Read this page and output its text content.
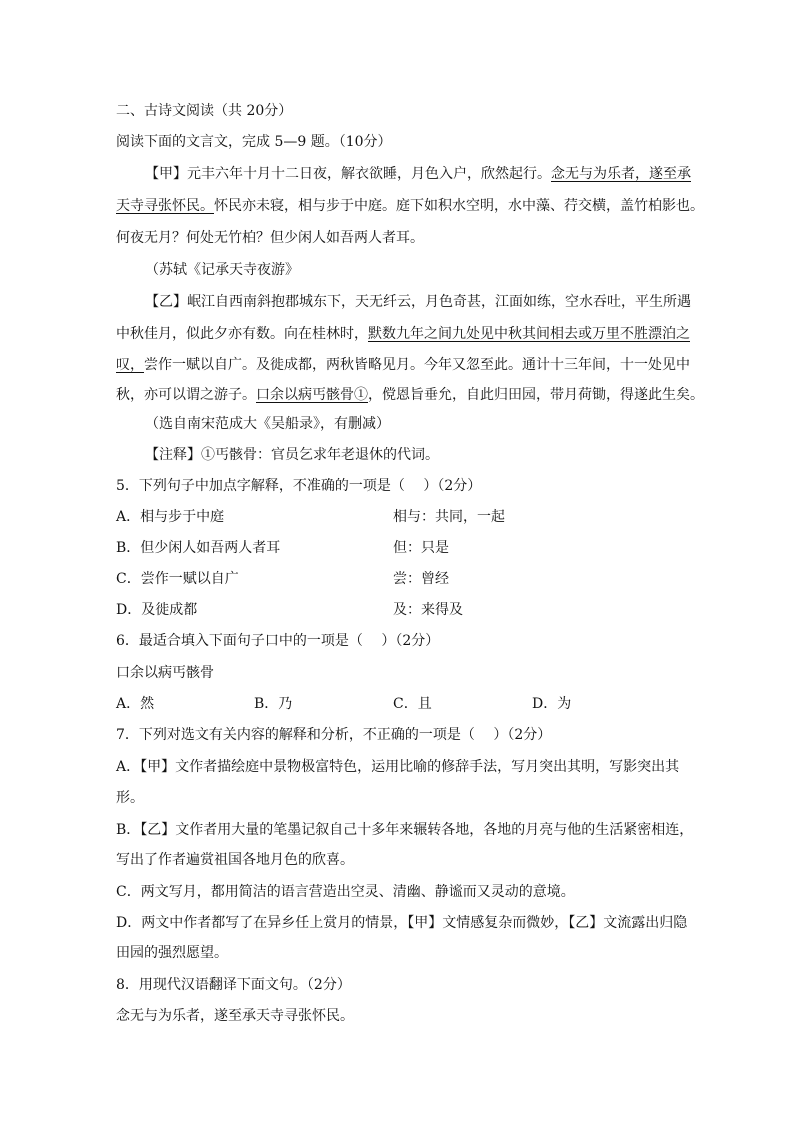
二、古诗文阅读（共 20分）
阅读下面的文言文，完成 5—9 题。（10分）
【甲】元丰六年十月十二日夜，解衣欲睡，月色入户，欣然起行。念无与为乐者，遂至承
天寺寻张怀民。怀民亦未寝，相与步于中庭。庭下如积水空明，水中藻、荇交横，盖竹柏影也。
何夜无月？何处无竹柏？但少闲人如吾两人者耳。
（苏轼《记承天寺夜游》
【乙】岷江自西南斜抱郡城东下，天无纤云，月色奇甚，江面如练，空水吞吐，平生所遇
中秋佳月，似此夕亦有数。向在桂林时，默数九年之间九处见中秋其间相去或万里不胜漂泊之
叹，尝作一赋以自广。及徙成都，两秋皆略见月。今年又忽至此。通计十三年间，十一处见中
秋，亦可以谓之游子。口余以病丐骸骨①，傥恩旨垂允，自此归田园，带月荷锄，得遂此生矣。
（选自南宋范成大《吴船录》，有删减）
【注释】①丐骸骨：官员乞求年老退休的代词。
5．下列句子中加点字解释，不准确的一项是（　 ）（2分）
A．相与步于中庭	相与：共同，一起
B．但少闲人如吾两人者耳	但：只是
C．尝作一赋以自广	尝：曾经
D．及徙成都	及：来得及
6．最适合填入下面句子口中的一项是（　 ）（2分）
口余以病丐骸骨
A．然	B．乃	C．且	D．为
7．下列对选文有关内容的解释和分析，不正确的一项是（　 ）（2分）
A．【甲】文作者描绘庭中景物极富特色，运用比喻的修辞手法，写月突出其明，写影突出其
形。
B．【乙】文作者用大量的笔墨记叙自己十多年来辗转各地，各地的月亮与他的生活紧密相连，
写出了作者遍赏祖国各地月色的欣喜。
C．两文写月，都用简洁的语言营造出空灵、清幽、静谧而又灵动的意境。
D．两文中作者都写了在异乡任上赏月的情景，【甲】文情感复杂而微妙，【乙】文流露出归隐
田园的强烈愿望。
8．用现代汉语翻译下面文句。（2分）
念无与为乐者，遂至承天寺寻张怀民。
